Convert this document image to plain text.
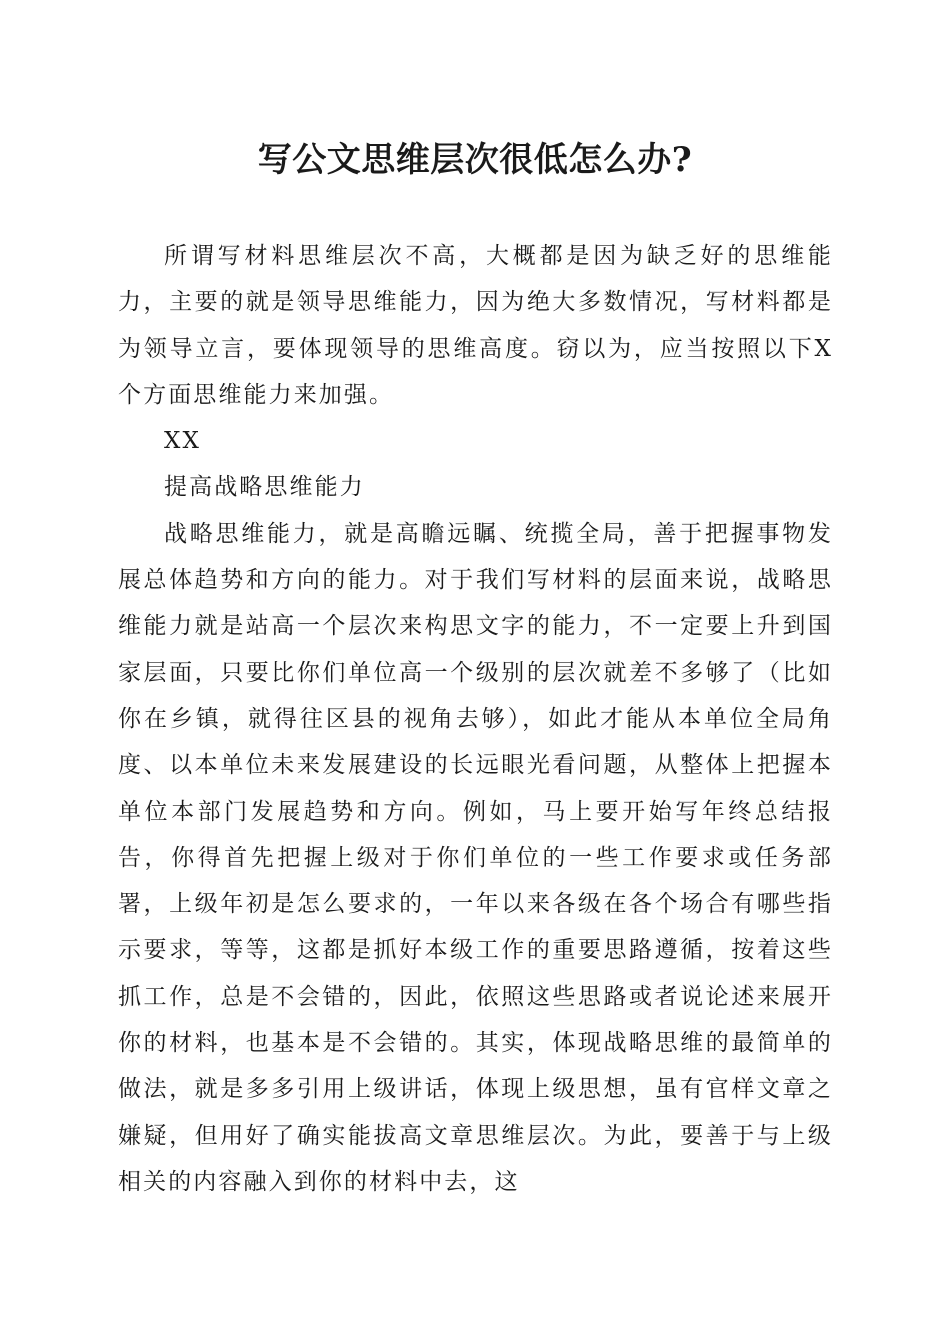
写公文思维层次很低怎么办?

所谓写材料思维层次不高，大概都是因为缺乏好的思维能力，主要的就是领导思维能力，因为绝大多数情况，写材料都是为领导立言，要体现领导的思维高度。窃以为，应当按照以下X个方面思维能力来加强。

XX

提高战略思维能力

战略思维能力，就是高瞻远瞩、统揽全局，善于把握事物发展总体趋势和方向的能力。对于我们写材料的层面来说，战略思维能力就是站高一个层次来构思文字的能力，不一定要上升到国家层面，只要比你们单位高一个级别的层次就差不多够了（比如你在乡镇，就得往区县的视角去够），如此才能从本单位全局角度、以本单位未来发展建设的长远眼光看问题，从整体上把握本单位本部门发展趋势和方向。例如，马上要开始写年终总结报告，你得首先把握上级对于你们单位的一些工作要求或任务部署，上级年初是怎么要求的，一年以来各级在各个场合有哪些指示要求，等等，这都是抓好本级工作的重要思路遵循，按着这些抓工作，总是不会错的，因此，依照这些思路或者说论述来展开你的材料，也基本是不会错的。其实，体现战略思维的最简单的做法，就是多多引用上级讲话，体现上级思想，虽有官样文章之嫌疑，但用好了确实能拔高文章思维层次。为此，要善于与上级相关的内容融入到你的材料中去，这
